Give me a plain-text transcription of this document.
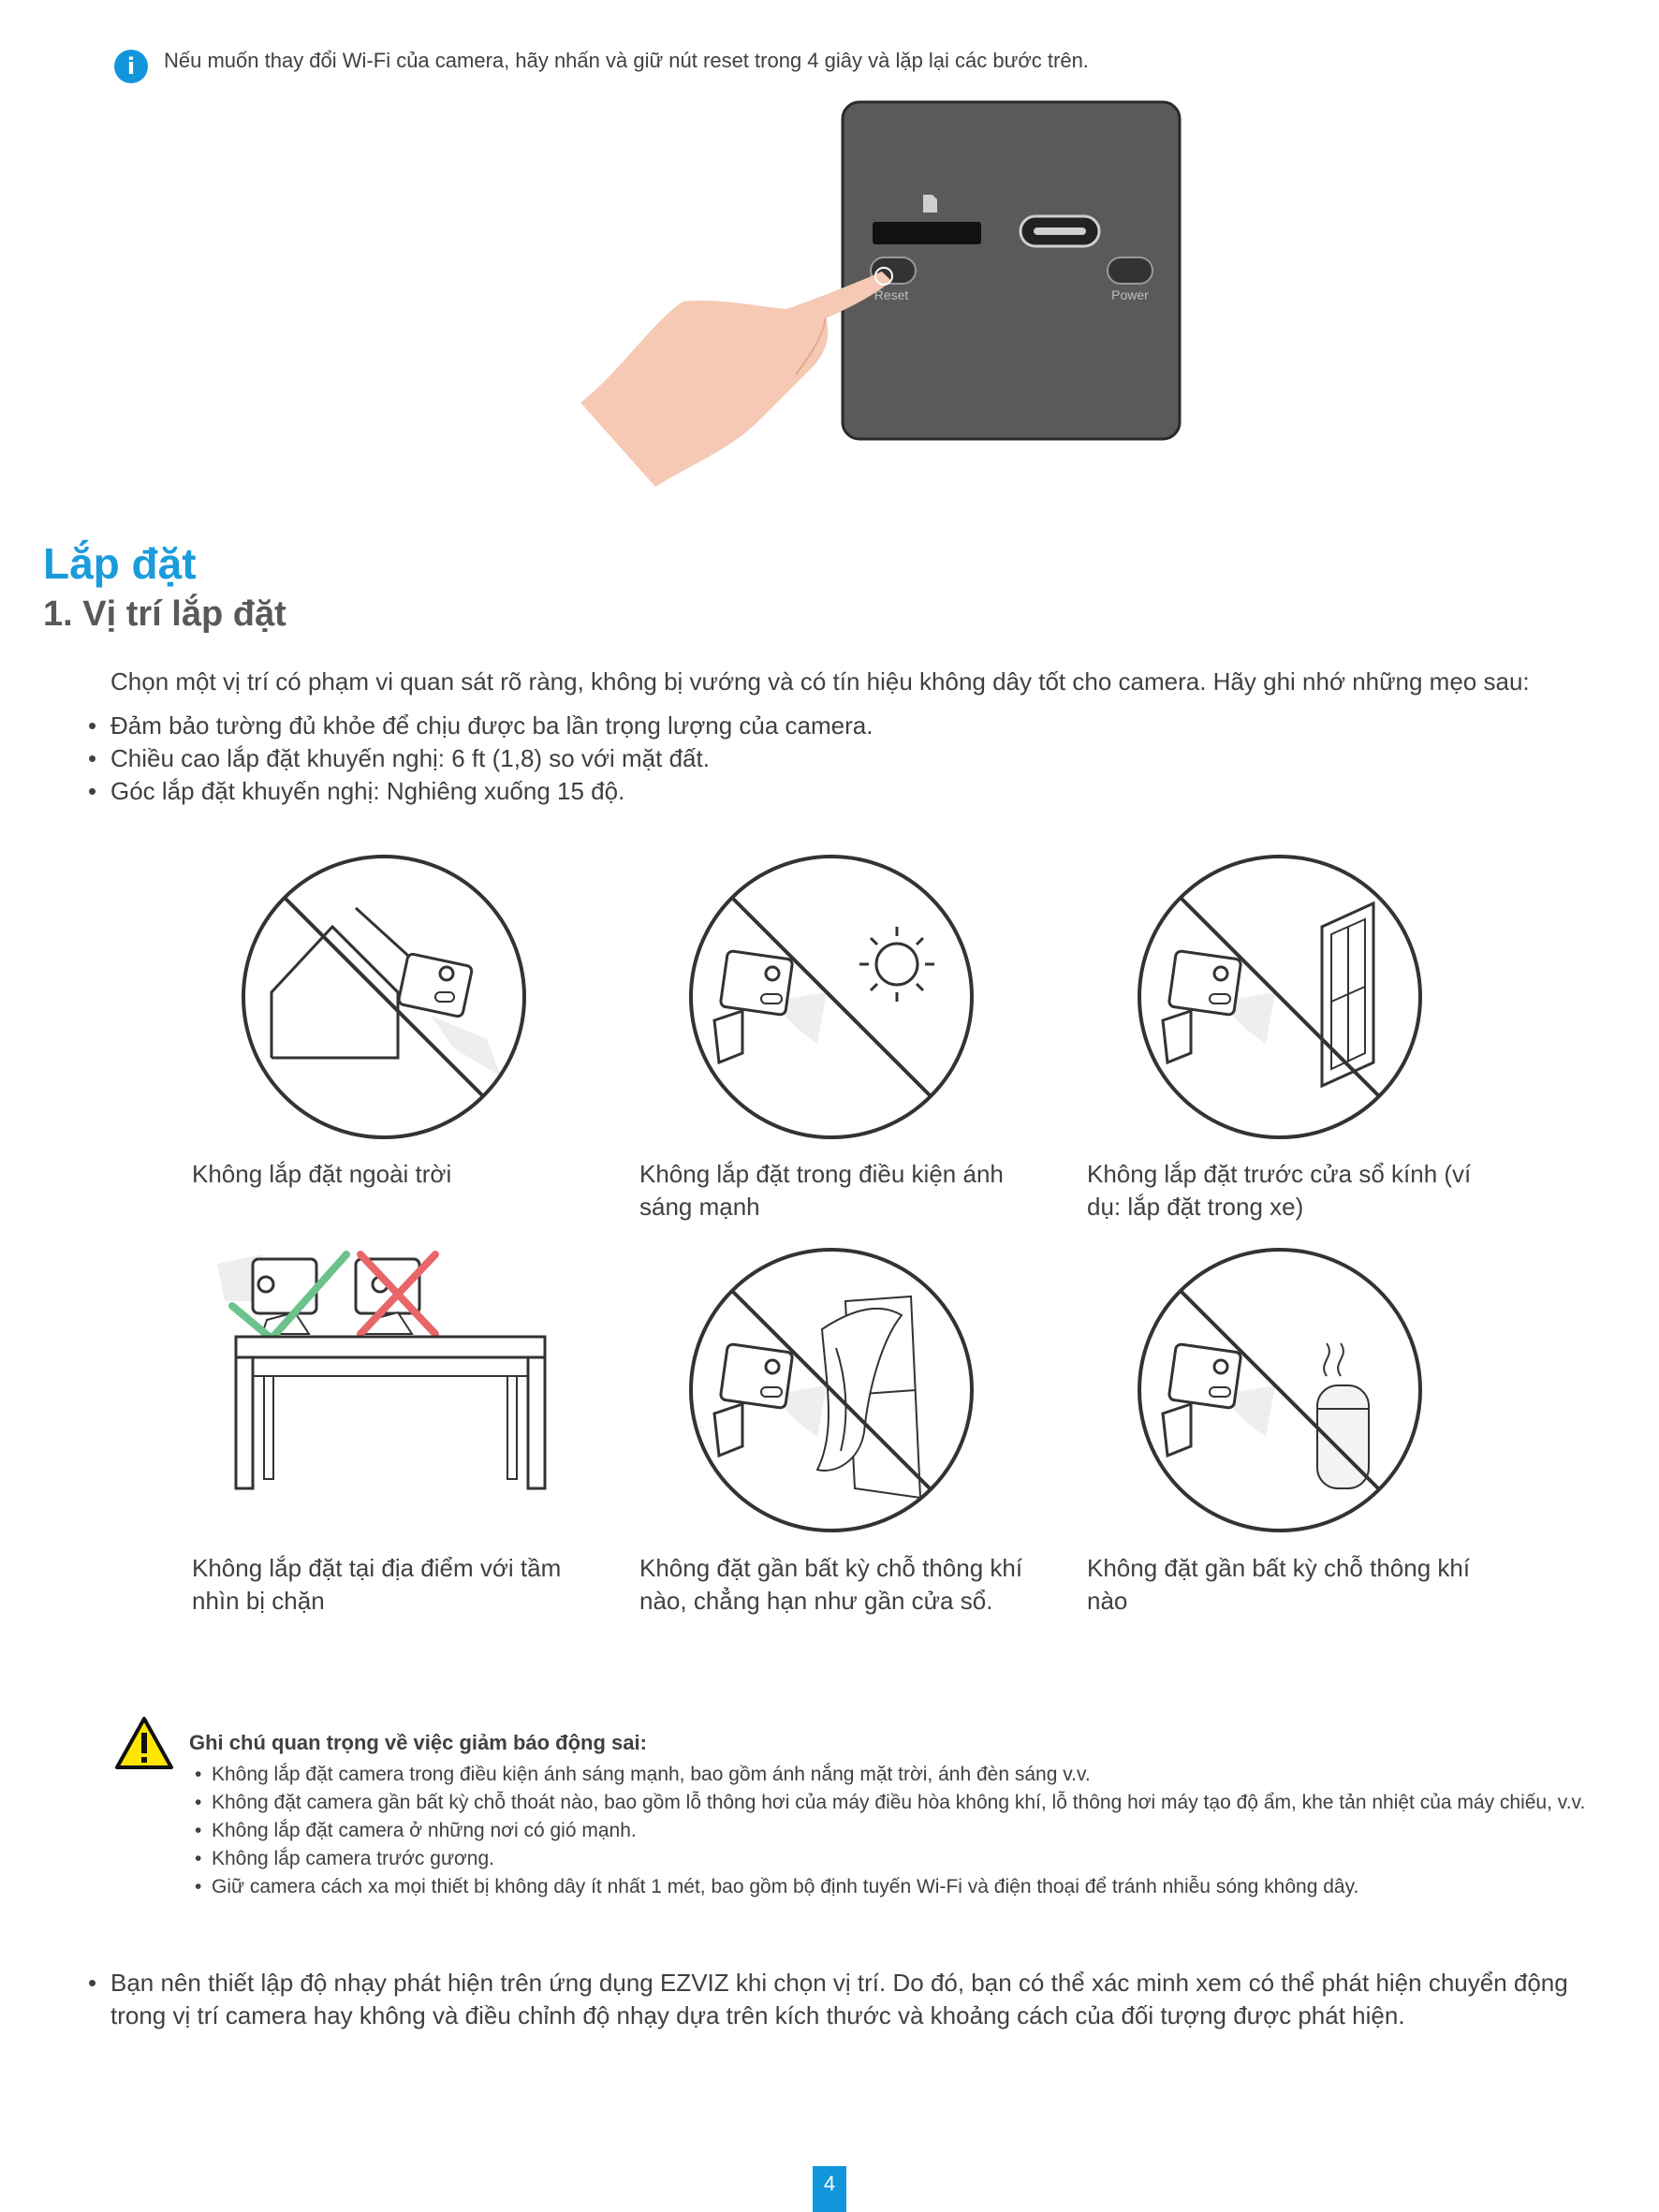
i	Nếu muốn thay đổi Wi-Fi của camera, hãy nhấn và giữ nút reset trong 4 giây và lặp lại các bước trên.
Reset	Power
Lắp đặt
1. Vị trí lắp đặt
Chọn một vị trí có phạm vi quan sát rõ ràng, không bị vướng và có tín hiệu không dây tốt cho camera. Hãy ghi nhớ những mẹo sau:
• Đảm bảo tường đủ khỏe để chịu được ba lần trọng lượng của camera.
• Chiều cao lắp đặt khuyến nghị: 6 ft (1,8) so với mặt đất.
• Góc lắp đặt khuyến nghị: Nghiêng xuống 15 độ.
Không lắp đặt ngoài trời	Không lắp đặt trong điều kiện ánh sáng mạnh
Không lắp đặt trước cửa sổ kính (ví dụ: lắp đặt trong xe)
Không lắp đặt tại địa điểm với tầm nhìn bị chặn
Không đặt gần bất kỳ chỗ thông khí nào, chẳng hạn như gần cửa sổ.
Không đặt gần bất kỳ chỗ thông khí nào
Ghi chú quan trọng về việc giảm báo động sai:
• Không lắp đặt camera trong điều kiện ánh sáng mạnh, bao gồm ánh nắng mặt trời, ánh đèn sáng v.v.
• Không đặt camera gần bất kỳ chỗ thoát nào, bao gồm lỗ thông hơi của máy điều hòa không khí, lỗ thông hơi máy tạo độ ẩm, khe tản nhiệt của máy chiếu, v.v.
• Không lắp đặt camera ở những nơi có gió mạnh.
• Không lắp camera trước gương.
• Giữ camera cách xa mọi thiết bị không dây ít nhất 1 mét, bao gồm bộ định tuyến Wi-Fi và điện thoại để tránh nhiễu sóng không dây.
• Bạn nên thiết lập độ nhạy phát hiện trên ứng dụng EZVIZ khi chọn vị trí. Do đó, bạn có thể xác minh xem có thể phát hiện chuyển động trong vị trí camera hay không và điều chỉnh độ nhạy dựa trên kích thước và khoảng cách của đối tượng được phát hiện.
4
